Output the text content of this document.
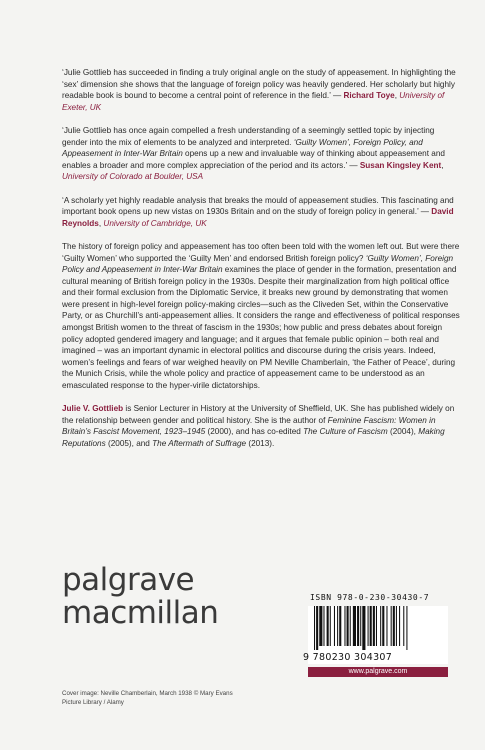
‘Julie Gottlieb has succeeded in finding a truly original angle on the study of appeasement. In highlighting the ‘sex’ dimension she shows that the language of foreign policy was heavily gendered. Her scholarly but highly readable book is bound to become a central point of reference in the field.’ — Richard Toye, University of Exeter, UK

‘Julie Gottlieb has once again compelled a fresh understanding of a seemingly settled topic by injecting gender into the mix of elements to be analyzed and interpreted. ‘Guilty Women’, Foreign Policy, and Appeasement in Inter-War Britain opens up a new and invaluable way of thinking about appeasement and enables a broader and more complex appreciation of the period and its actors.’ — Susan Kingsley Kent, University of Colorado at Boulder, USA

‘A scholarly yet highly readable analysis that breaks the mould of appeasement studies. This fascinating and important book opens up new vistas on 1930s Britain and on the study of foreign policy in general.’ — David Reynolds, University of Cambridge, UK

The history of foreign policy and appeasement has too often been told with the women left out. But were there ‘Guilty Women’ who supported the ‘Guilty Men’ and endorsed British foreign policy? ‘Guilty Women’, Foreign Policy and Appeasement in Inter-War Britain examines the place of gender in the formation, presentation and cultural meaning of British foreign policy in the 1930s. Despite their marginalization from high political office and their formal exclusion from the Diplomatic Service, it breaks new ground by demonstrating that women were present in high-level foreign policy-making circles—such as the Cliveden Set, within the Conservative Party, or as Churchill’s anti-appeasement allies. It considers the range and effectiveness of political responses amongst British women to the threat of fascism in the 1930s; how public and press debates about foreign policy adopted gendered imagery and language; and it argues that female public opinion – both real and imagined – was an important dynamic in electoral politics and discourse during the crisis years. Indeed, women’s feelings and fears of war weighed heavily on PM Neville Chamberlain, ‘the Father of Peace’, during the Munich Crisis, while the whole policy and practice of appeasement came to be understood as an emasculated response to the hyper-virile dictatorships.

Julie V. Gottlieb is Senior Lecturer in History at the University of Sheffield, UK. She has published widely on the relationship between gender and political history. She is the author of Feminine Fascism: Women in Britain’s Fascist Movement, 1923–1945 (2000), and has co-edited The Culture of Fascism (2004), Making Reputations (2005), and The Aftermath of Suffrage (2013).

palgrave
macmillan
Cover image: Neville Chamberlain, March 1938 © Mary Evans Picture Library / Alamy
ISBN 978-0-230-30430-7
9 780230 304307
www.palgrave.com
